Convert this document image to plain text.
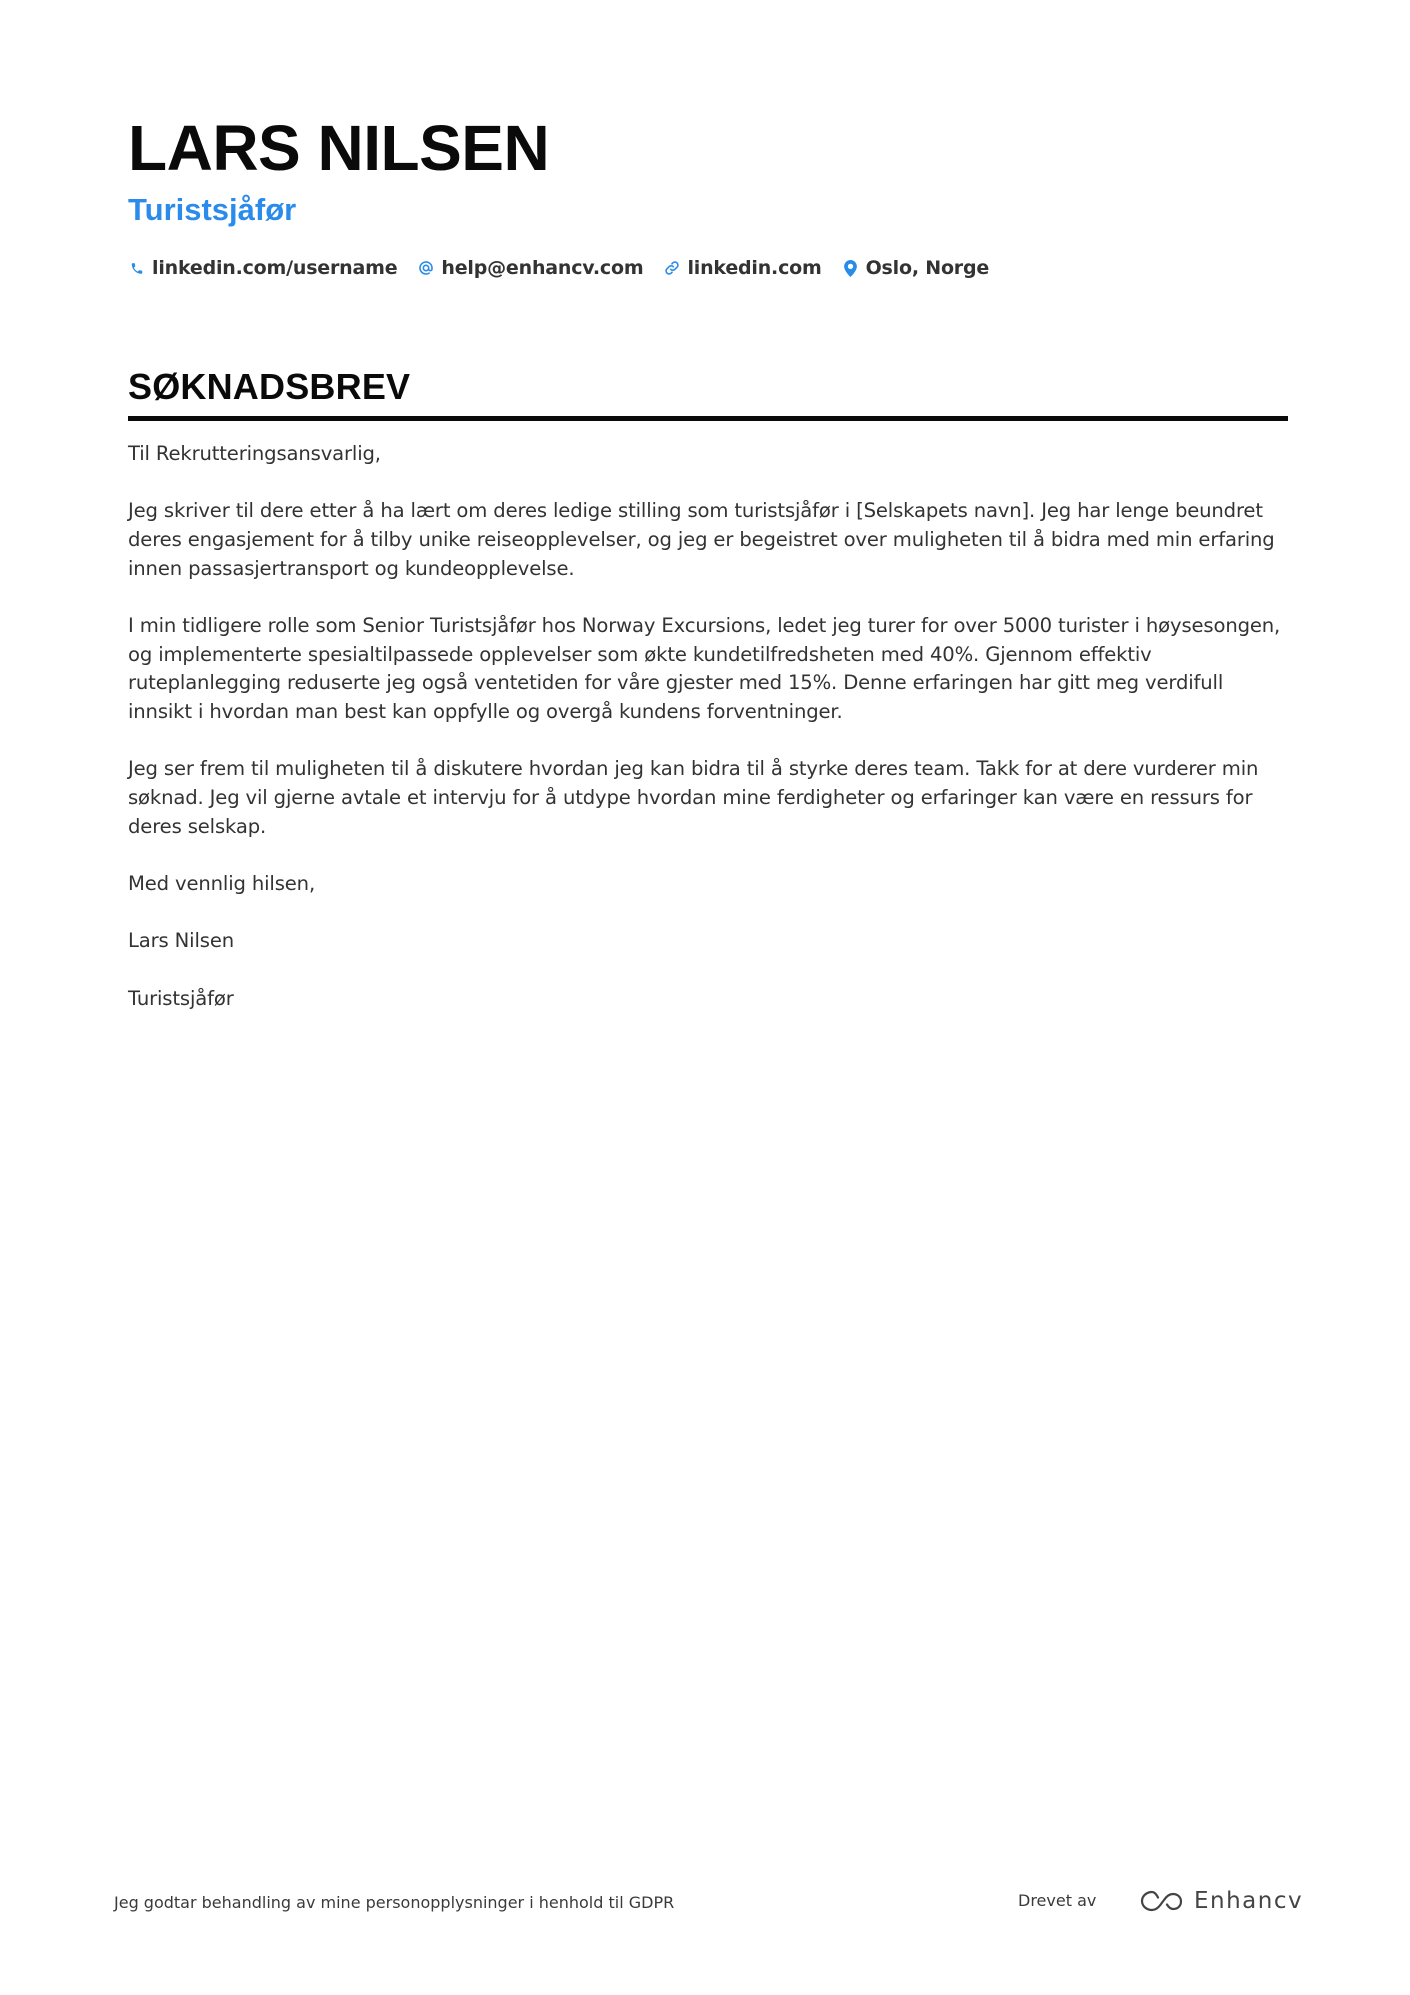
LARS NILSEN
Turistsjåfør
linkedin.com/username help@enhancv.com linkedin.com Oslo, Norge
SØKNADSBREV

Til Rekrutteringsansvarlig,

Jeg skriver til dere etter å ha lært om deres ledige stilling som turistsjåfør i [Selskapets navn]. Jeg har lenge beundret deres engasjement for å tilby unike reiseopplevelser, og jeg er begeistret over muligheten til å bidra med min erfaring innen passasjertransport og kundeopplevelse.

I min tidligere rolle som Senior Turistsjåfør hos Norway Excursions, ledet jeg turer for over 5000 turister i høysesongen, og implementerte spesialtilpassede opplevelser som økte kundetilfredsheten med 40%. Gjennom effektiv ruteplanlegging reduserte jeg også ventetiden for våre gjester med 15%. Denne erfaringen har gitt meg verdifull innsikt i hvordan man best kan oppfylle og overgå kundens forventninger.

Jeg ser frem til muligheten til å diskutere hvordan jeg kan bidra til å styrke deres team. Takk for at dere vurderer min søknad. Jeg vil gjerne avtale et intervju for å utdype hvordan mine ferdigheter og erfaringer kan være en ressurs for deres selskap.

Med vennlig hilsen,

Lars Nilsen

Turistsjåfør

Jeg godtar behandling av mine personopplysninger i henhold til GDPR	Drevet av	Enhancv
